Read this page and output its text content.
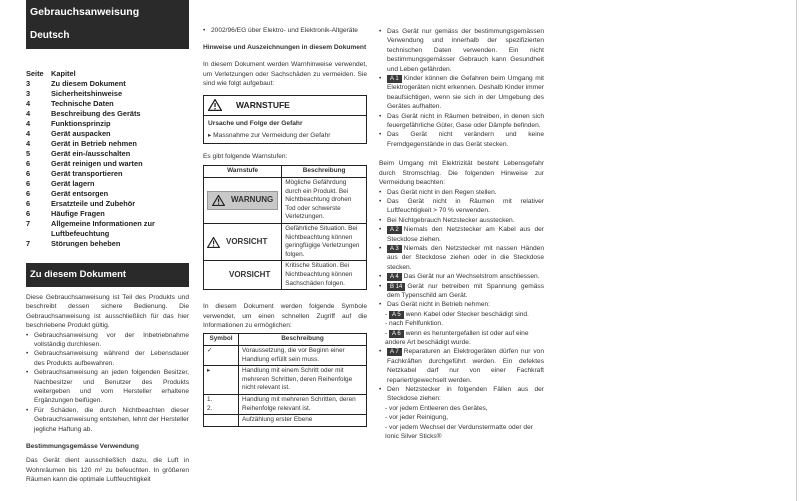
Gebrauchsanweisung
Deutsch
Seite Kapitel
3	Zu diesem Dokument
3	Sicherheitshinweise
4	Technische Daten
4	Beschreibung des Geräts
4	Funktionsprinzip
4	Gerät auspacken
4	Gerät in Betrieb nehmen
5	Gerät ein-/ausschalten
6	Gerät reinigen und warten
6	Gerät transportieren
6	Gerät lagern
6	Gerät entsorgen
6	Ersatzteile und Zubehör
6	Häufige Fragen
7	Allgemeine Informationen zur Luftbefeuchtung
7	Störungen beheben
Zu diesem Dokument

Diese Gebrauchsanweisung ist Teil des Produkts und beschreibt dessen sichere Bedienung. Die Gebrauchsanweisung ist ausschließlich für das hier beschriebene Produkt gültig.

• Gebrauchsanweisung vor der Inbetriebnahme vollständig durchlesen.
• Gebrauchsanweisung während der Lebensdauer des Produkts aufbewahren.
• Gebrauchsanweisung an jeden folgenden Besitzer, Nachbesitzer und Benutzer des Produkts weitergeben und vom Hersteller erhaltene Ergänzungen beifügen.
• Für Schäden, die durch Nichtbeachten dieser Gebrauchsanweisung entstehen, lehnt der Hersteller jegliche Haftung ab.
Bestimmungsgemässe Verwendung

Das Gerät dient ausschließlich dazu, die Luft in Wohnräumen bis 120 m² zu befeuchten. In größeren Räumen kann die optimale Luftfeuchtigkeit

• 2002/96/EG über Elektro- und Elektronik-Altgeräte
Hinweise und Auszeichnungen in diesem Dokument

In diesem Dokument werden Warnhinweise verwendet, um Verletzungen oder Sachschäden zu vermeiden. Sie sind wie folgt aufgebaut:

WARNSTUFE
Ursache und Folge der Gefahr

▸ Massnahme zur Vermeidung der Gefahr

Es gibt folgende Warnstufen:

Warnstufe	Beschreibung

WARNUNG	Mögliche Gefährdung durch ein Produkt. Bei Nichtbeachtung drohen Tod oder schwerste Verletzungen.

VORSICHT	Gefährliche Situation. Bei Nichtbeachtung können geringfügige Verletzungen folgen.

VORSICHT	Kritische Situation. Bei Nichtbeachtung können Sachschäden folgen.

In diesem Dokument werden folgende Symbole verwendet, um einen schnellen Zugriff auf die Informationen zu ermöglichen:

Symbol	Beschreibung
✓	Voraussetzung, die vor Beginn einer Handlung erfüllt sein muss.
▸	Handlung mit einem Schritt oder mit mehreren Schritten, deren Reihenfolge nicht relevant ist.
1.
2.	Handlung mit mehreren Schritten, deren Reihenfolge relevant ist.
	Aufzählung erster Ebene
• Das Gerät nur gemäss der bestimmungsgemässen Verwendung und innerhalb der spezifizierten technischen Daten verwenden. Ein nicht bestimmungsgemässer Gebrauch kann Gesundheit und Leben gefährden.
• A 1 Kinder können die Gefahren beim Umgang mit Elektrogeräten nicht erkennen. Deshalb Kinder immer beaufsichtigen, wenn sie sich in der Umgebung des Gerätes aufhalten.
• Das Gerät nicht in Räumen betreiben, in denen sich feuergefährliche Güter, Gase oder Dämpfe befinden.
• Das Gerät nicht verändern und keine Fremdgegenstände in das Gerät stecken.

Beim Umgang mit Elektrizität besteht Lebensgefahr durch Stromschlag. Die folgenden Hinweise zur Vermeidung beachten:

• Das Gerät nicht in den Regen stellen.
• Das Gerät nicht in Räumen mit relativer Luftfeuchtigkeit > 70 % verwenden.
• Bei Nichtgebrauch Netzstecker ausstecken.
• A 2 Niemals den Netzstecker am Kabel aus der Steckdose ziehen.
• A 3 Niemals den Netzstecker mit nassen Händen aus der Steckdose ziehen oder in die Steckdose stecken.
• A 4 Das Gerät nur an Wechselstrom anschliessen.
• B 14 Gerät nur betreiben mit Spannung gemäss dem Typenschild am Gerät.
• Das Gerät nicht in Betrieb nehmen:
- A 5 wenn Kabel oder Stecker beschädigt sind.
- nach Fehlfunktion.
- A 6 wenn es heruntergefallen ist oder auf eine andere Art beschädigt wurde.
• A 7 Reparaturen an Elektrogeräten dürfen nur von Fachkräften durchgeführt werden. Ein defektes Netzkabel darf nur von einer Fachkraft repariert/gewechselt werden.
• Den Netzstecker in folgenden Fällen aus der Steckdose ziehen:
- vor jedem Entleeren des Gerätes,
- vor jeder Reinigung,
- vor jedem Wechsel der Verdunstermatte oder der Ionic Silver Sticks®
